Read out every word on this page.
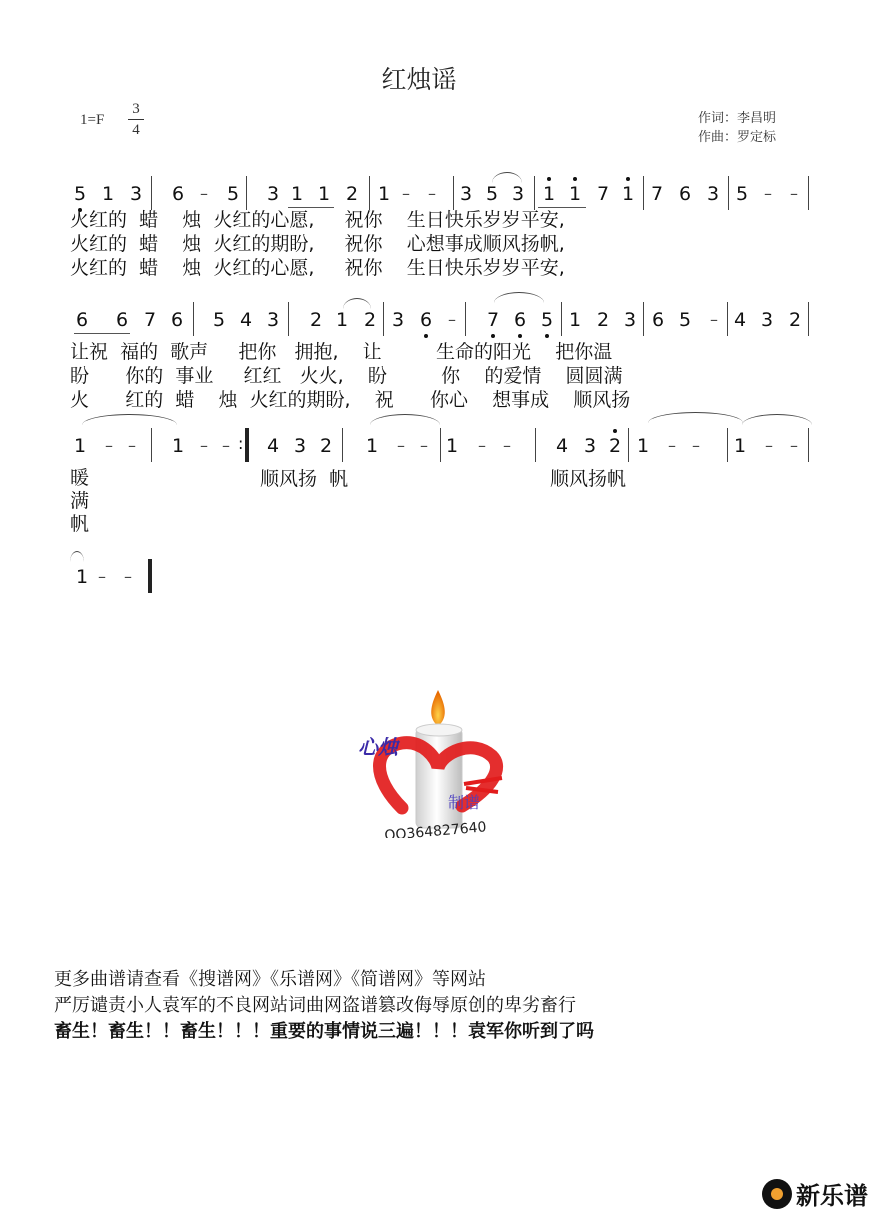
红烛谣
1=F
3
4
作词：李昌明
作曲：罗定标
5 1 3 6 – 5 3 1 1 2 1 – – 3 5 3 1 1 7 1 7 6 3 5 – –
火红的  蜡    烛  火红的心愿,     祝你    生日快乐岁岁平安,
火红的  蜡    烛  火红的期盼,     祝你    心想事成顺风扬帆,
火红的  蜡    烛  火红的心愿,     祝你    生日快乐岁岁平安,
6 6 7 6 5 4 3 2 1 2 3 6 – 7 6 5 1 2 3 6 5 – 4 3 2
让祝  福的  歌声     把你   拥抱,    让         生命的阳光    把你温
盼      你的  事业     红红   火火,    盼         你    的爱情    圆圆满
火      红的  蜡    烛  火红的期盼,    祝      你心    想事成    顺风扬
1 – – 1 – – : 4 3 2 1 – – 1 – – 4 3 2 1 – – 1 – –
暖
满
帆
顺风扬  帆	顺风扬帆
1 – –
心烛
制谱
QQ364827640
更多曲谱请查看《搜谱网》《乐谱网》《简谱网》等网站
严厉谴责小人袁军的不良网站词曲网盗谱篡改侮辱原创的卑劣畜行
畜生！畜生！！畜生！！！重要的事情说三遍！！！袁军你听到了吗
新乐谱
